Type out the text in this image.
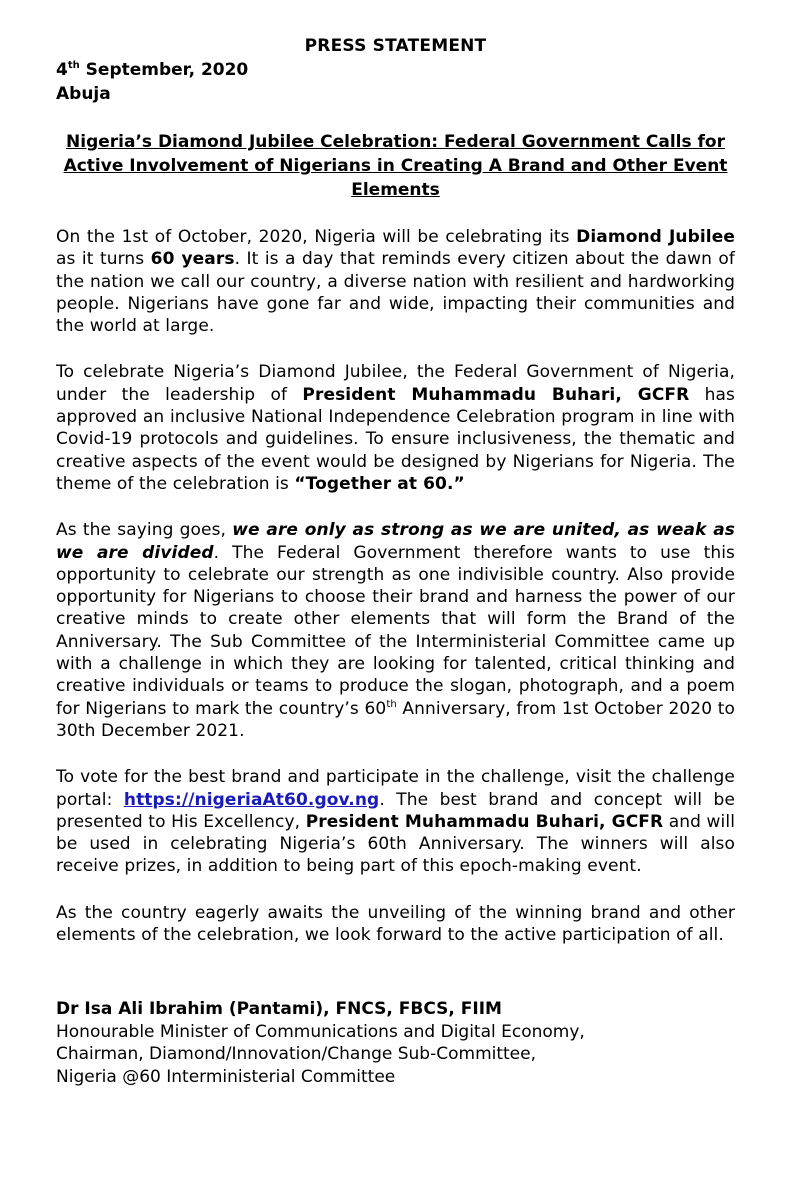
PRESS STATEMENT
4th September, 2020
Abuja
Nigeria’s Diamond Jubilee Celebration: Federal Government Calls for Active Involvement of Nigerians in Creating A Brand and Other Event Elements

On the 1st of October, 2020, Nigeria will be celebrating its Diamond Jubilee as it turns 60 years. It is a day that reminds every citizen about the dawn of the nation we call our country, a diverse nation with resilient and hardworking people. Nigerians have gone far and wide, impacting their communities and the world at large.

To celebrate Nigeria’s Diamond Jubilee, the Federal Government of Nigeria, under the leadership of President Muhammadu Buhari, GCFR has approved an inclusive National Independence Celebration program in line with Covid-19 protocols and guidelines. To ensure inclusiveness, the thematic and creative aspects of the event would be designed by Nigerians for Nigeria. The theme of the celebration is “Together at 60.”

As the saying goes, we are only as strong as we are united, as weak as we are divided. The Federal Government therefore wants to use this opportunity to celebrate our strength as one indivisible country. Also provide opportunity for Nigerians to choose their brand and harness the power of our creative minds to create other elements that will form the Brand of the Anniversary. The Sub Committee of the Interministerial Committee came up with a challenge in which they are looking for talented, critical thinking and creative individuals or teams to produce the slogan, photograph, and a poem for Nigerians to mark the country’s 60th Anniversary, from 1st October 2020 to 30th December 2021.

To vote for the best brand and participate in the challenge, visit the challenge portal: https://nigeriaAt60.gov.ng. The best brand and concept will be presented to His Excellency, President Muhammadu Buhari, GCFR and will be used in celebrating Nigeria’s 60th Anniversary. The winners will also receive prizes, in addition to being part of this epoch-making event.

As the country eagerly awaits the unveiling of the winning brand and other elements of the celebration, we look forward to the active participation of all.

Dr Isa Ali Ibrahim (Pantami), FNCS, FBCS, FIIM
Honourable Minister of Communications and Digital Economy,
Chairman, Diamond/Innovation/Change Sub-Committee,
Nigeria @60 Interministerial Committee
